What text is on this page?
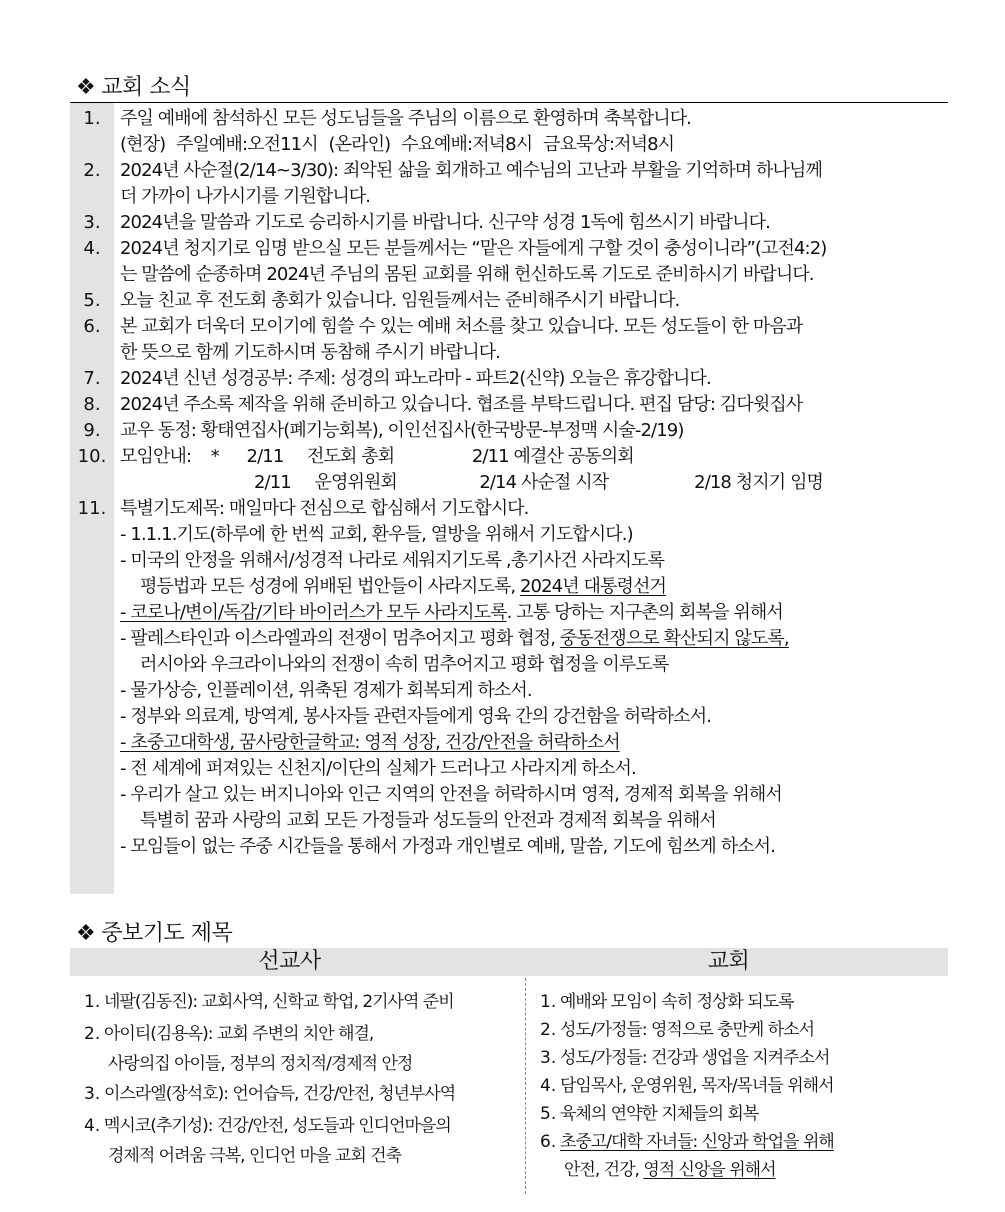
❖ 교회 소식
1.	주일 예배에 참석하신 모든 성도님들을 주님의 이름으로 환영하며 축복합니다.
(현장) 주일예배:오전11시 (온라인) 수요예배:저녁8시 금요묵상:저녁8시
2.	2024년 사순절(2/14~3/30): 죄악된 삶을 회개하고 예수님의 고난과 부활을 기억하며 하나님께
더 가까이 나가시기를 기원합니다.
3.	2024년을 말씀과 기도로 승리하시기를 바랍니다. 신구약 성경 1독에 힘쓰시기 바랍니다.
4.	2024년 청지기로 임명 받으실 모든 분들께서는 “맡은 자들에게 구할 것이 충성이니라”(고전4:2)
는 말씀에 순종하며 2024년 주님의 몸된 교회를 위해 헌신하도록 기도로 준비하시기 바랍니다.
5.	오늘 친교 후 전도회 총회가 있습니다. 임원들께서는 준비해주시기 바랍니다.
6.	본 교회가 더욱더 모이기에 힘쓸 수 있는 예배 처소를 찾고 있습니다. 모든 성도들이 한 마음과
한 뜻으로 함께 기도하시며 동참해 주시기 바랍니다.
7.	2024년 신년 성경공부: 주제: 성경의 파노라마 - 파트2(신약) 오늘은 휴강합니다.
8.	2024년 주소록 제작을 위해 준비하고 있습니다. 협조를 부탁드립니다. 편집 담당: 김다윗집사
9.	교우 동정: 황태연집사(폐기능회복), 이인선집사(한국방문-부정맥 시술-2/19)
10. 모임안내: * 2/11 전도회 총회	2/11 예결산 공동의회
2/11 운영위원회	2/14 사순절 시작	2/18 청지기 임명
11. 특별기도제목: 매일마다 전심으로 합심해서 기도합시다.
- 1.1.1.기도(하루에 한 번씩 교회, 환우들, 열방을 위해서 기도합시다.)
- 미국의 안정을 위해서/성경적 나라로 세워지기도록 ,총기사건 사라지도록
평등법과 모든 성경에 위배된 법안들이 사라지도록, 2024년 대통령선거
- 코로나/변이/독감/기타 바이러스가 모두 사라지도록. 고통 당하는 지구촌의 회복을 위해서
- 팔레스타인과 이스라엘과의 전쟁이 멈추어지고 평화 협정, 중동전쟁으로 확산되지 않도록,
러시아와 우크라이나와의 전쟁이 속히 멈추어지고 평화 협정을 이루도록
- 물가상승, 인플레이션, 위축된 경제가 회복되게 하소서.
- 정부와 의료계, 방역계, 봉사자들 관련자들에게 영육 간의 강건함을 허락하소서.
- 초중고대학생, 꿈사랑한글학교: 영적 성장, 건강/안전을 허락하소서
- 전 세계에 퍼져있는 신천지/이단의 실체가 드러나고 사라지게 하소서.
- 우리가 살고 있는 버지니아와 인근 지역의 안전을 허락하시며 영적, 경제적 회복을 위해서
특별히 꿈과 사랑의 교회 모든 가정들과 성도들의 안전과 경제적 회복을 위해서
- 모임들이 없는 주중 시간들을 통해서 가정과 개인별로 예배, 말씀, 기도에 힘쓰게 하소서.
❖ 중보기도 제목
선교사	교회
1. 네팔(김동진): 교회사역, 신학교 학업, 2기사역 준비
2. 아이티(김용옥): 교회 주변의 치안 해결,
사랑의집 아이들, 정부의 정치적/경제적 안정
3. 이스라엘(장석호): 언어습득, 건강/안전, 청년부사역
4. 멕시코(추기성): 건강/안전, 성도들과 인디언마을의
경제적 어려움 극복, 인디언 마을 교회 건축
1. 예배와 모임이 속히 정상화 되도록
2. 성도/가정들: 영적으로 충만케 하소서
3. 성도/가정들: 건강과 생업을 지켜주소서
4. 담임목사, 운영위원, 목자/목녀들 위해서
5. 육체의 연약한 지체들의 회복
6. 초중고/대학 자녀들: 신앙과 학업을 위해
안전, 건강, 영적 신앙을 위해서
